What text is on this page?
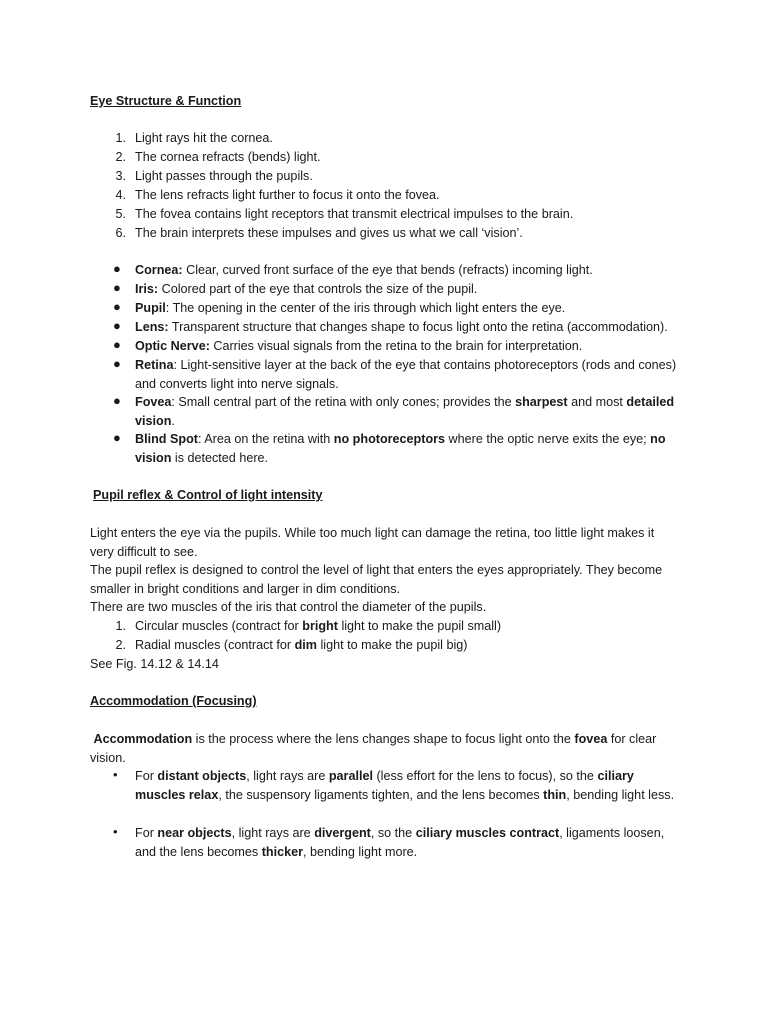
Eye Structure & Function
1. Light rays hit the cornea.
2. The cornea refracts (bends) light.
3. Light passes through the pupils.
4. The lens refracts light further to focus it onto the fovea.
5. The fovea contains light receptors that transmit electrical impulses to the brain.
6. The brain interprets these impulses and gives us what we call ‘vision’.
● Cornea: Clear, curved front surface of the eye that bends (refracts) incoming light.
● Iris: Colored part of the eye that controls the size of the pupil.
● Pupil: The opening in the center of the iris through which light enters the eye.
● Lens: Transparent structure that changes shape to focus light onto the retina (accommodation).
● Optic Nerve: Carries visual signals from the retina to the brain for interpretation.
● Retina: Light-sensitive layer at the back of the eye that contains photoreceptors (rods and cones) and converts light into nerve signals.
● Fovea: Small central part of the retina with only cones; provides the sharpest and most detailed vision.
● Blind Spot: Area on the retina with no photoreceptors where the optic nerve exits the eye; no vision is detected here.
Pupil reflex & Control of light intensity
Light enters the eye via the pupils. While too much light can damage the retina, too little light makes it very difficult to see.
The pupil reflex is designed to control the level of light that enters the eyes appropriately. They become smaller in bright conditions and larger in dim conditions.
There are two muscles of the iris that control the diameter of the pupils.
1. Circular muscles (contract for bright light to make the pupil small)
2. Radial muscles (contract for dim light to make the pupil big)
See Fig. 14.12 & 14.14
Accommodation (Focusing)
Accommodation is the process where the lens changes shape to focus light onto the fovea for clear vision.
• For distant objects, light rays are parallel (less effort for the lens to focus), so the ciliary muscles relax, the suspensory ligaments tighten, and the lens becomes thin, bending light less.
• For near objects, light rays are divergent, so the ciliary muscles contract, ligaments loosen, and the lens becomes thicker, bending light more.
